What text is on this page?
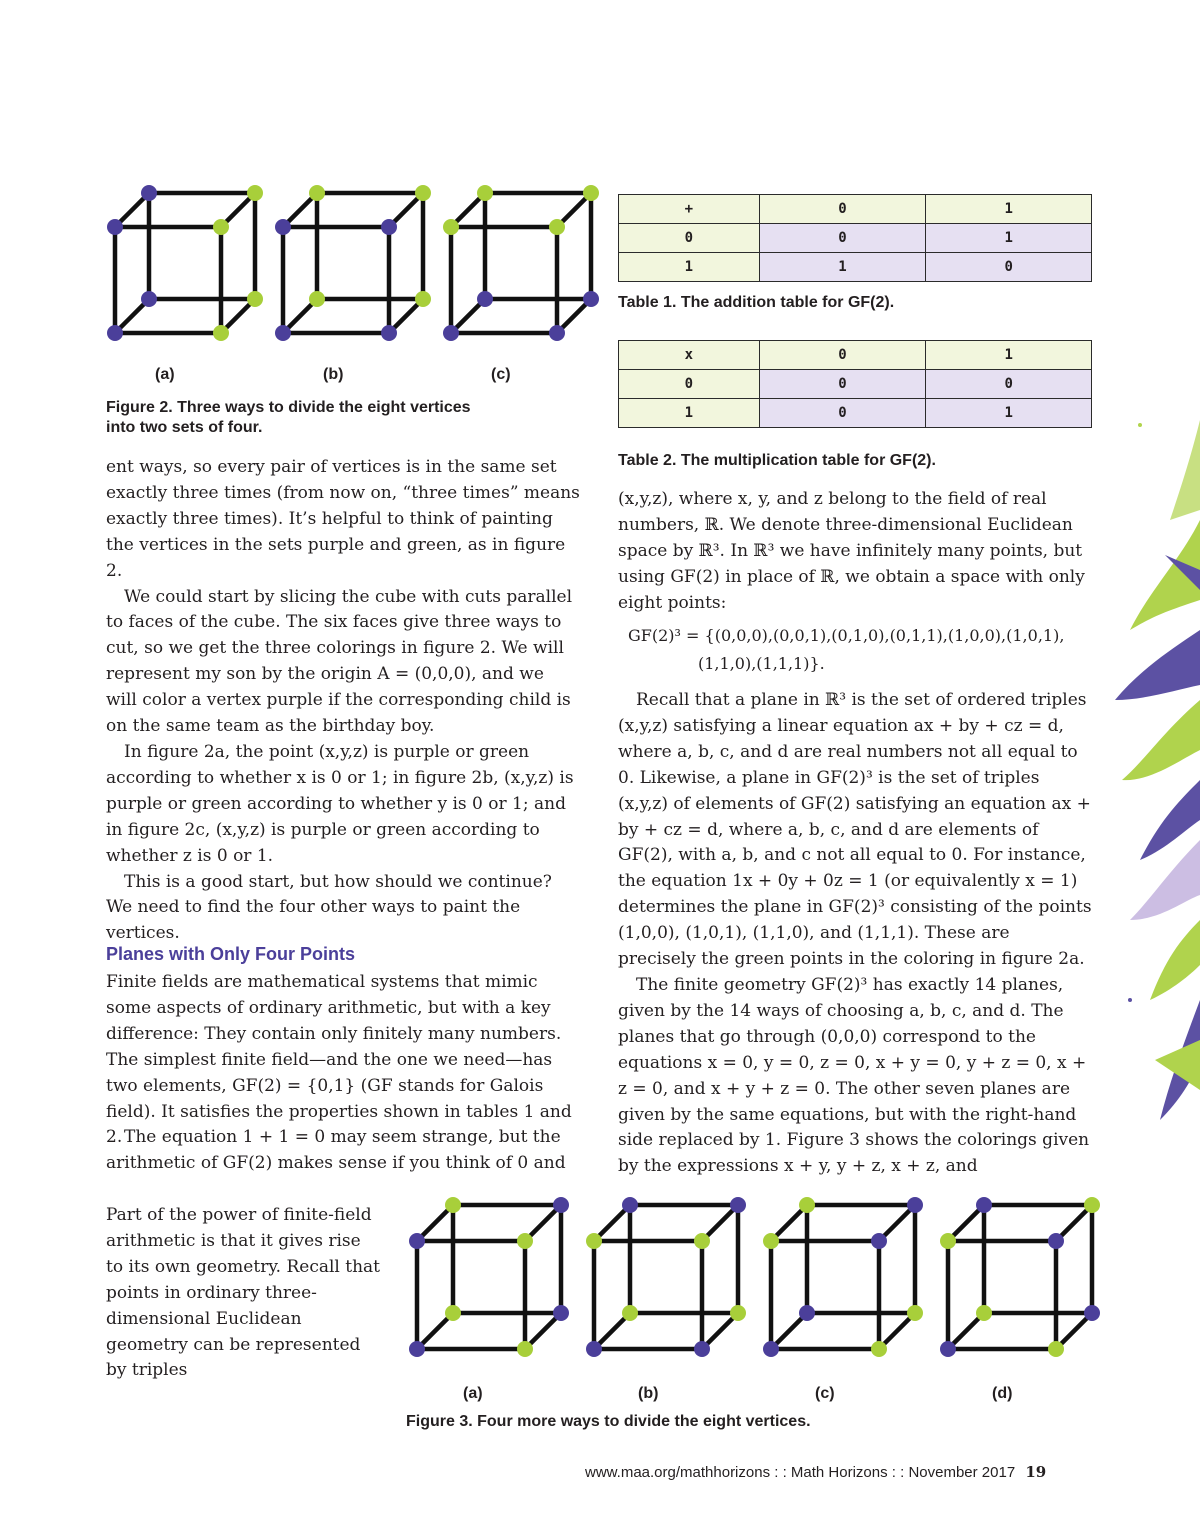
(a)	(b)	(c)
Figure 2. Three ways to divide the eight vertices
into two sets of four.
+	0	1
0	0	1
1	1	0
Table 1. The addition table for GF(2).
x	0	1
0	0	0
1	0	1
Table 2. The multiplication table for GF(2).

ent ways, so every pair of vertices is in the same set exactly three times (from now on, “three times” means exactly three times). It’s helpful to think of painting the vertices in the sets purple and green, as in figure 2.

We could start by slicing the cube with cuts parallel to faces of the cube. The six faces give three ways to cut, so we get the three colorings in figure 2. We will represent my son by the origin A = (0,0,0), and we will color a vertex purple if the corresponding child is on the same team as the birthday boy.

In figure 2a, the point (x,y,z) is purple or green according to whether x is 0 or 1; in figure 2b, (x,y,z) is purple or green according to whether y is 0 or 1; and in figure 2c, (x,y,z) is purple or green according to whether z is 0 or 1.

This is a good start, but how should we continue? We need to find the four other ways to paint the vertices.

Planes with Only Four Points

Finite fields are mathematical systems that mimic some aspects of ordinary arithmetic, but with a key difference: They contain only finitely many numbers. The simplest finite field—and the one we need—has two elements, GF(2) = {0,1} (GF stands for Galois field). It satisfies the properties shown in tables 1 and 2. The equation 1 + 1 = 0 may seem strange, but the arithmetic of GF(2) makes sense if you think of 0 and

Part of the power of finite-field arithmetic is that it gives rise to its own geometry. Recall that points in ordinary three-dimensional Euclidean geometry can be represented by triples

(x,y,z), where x, y, and z belong to the field of real numbers, ℝ. We denote three-dimensional Euclidean space by ℝ³. In ℝ³ we have infinitely many points, but using GF(2) in place of ℝ, we obtain a space with only eight points:

GF(2)³ = {(0,0,0),(0,0,1),(0,1,0),(0,1,1),(1,0,0),(1,0,1),
(1,1,0),(1,1,1)}.

Recall that a plane in ℝ³ is the set of ordered triples (x,y,z) satisfying a linear equation ax + by + cz = d, where a, b, c, and d are real numbers not all equal to 0. Likewise, a plane in GF(2)³ is the set of triples (x,y,z) of elements of GF(2) satisfying an equation ax + by + cz = d, where a, b, c, and d are elements of GF(2), with a, b, and c not all equal to 0. For instance, the equation 1x + 0y + 0z = 1 (or equivalently x = 1) determines the plane in GF(2)³ consisting of the points (1,0,0), (1,0,1), (1,1,0), and (1,1,1). These are precisely the green points in the coloring in figure 2a.

The finite geometry GF(2)³ has exactly 14 planes, given by the 14 ways of choosing a, b, c, and d. The planes that go through (0,0,0) correspond to the equations x = 0, y = 0, z = 0, x + y = 0, y + z = 0, x + z = 0, and x + y + z = 0. The other seven planes are given by the same equations, but with the right-hand side replaced by 1. Figure 3 shows the colorings given by the expressions x + y, y + z, x + z, and

(a)	(b)	(c)	(d)
Figure 3. Four more ways to divide the eight vertices.
www.maa.org/mathhorizons : : Math Horizons : : November 2017 19
